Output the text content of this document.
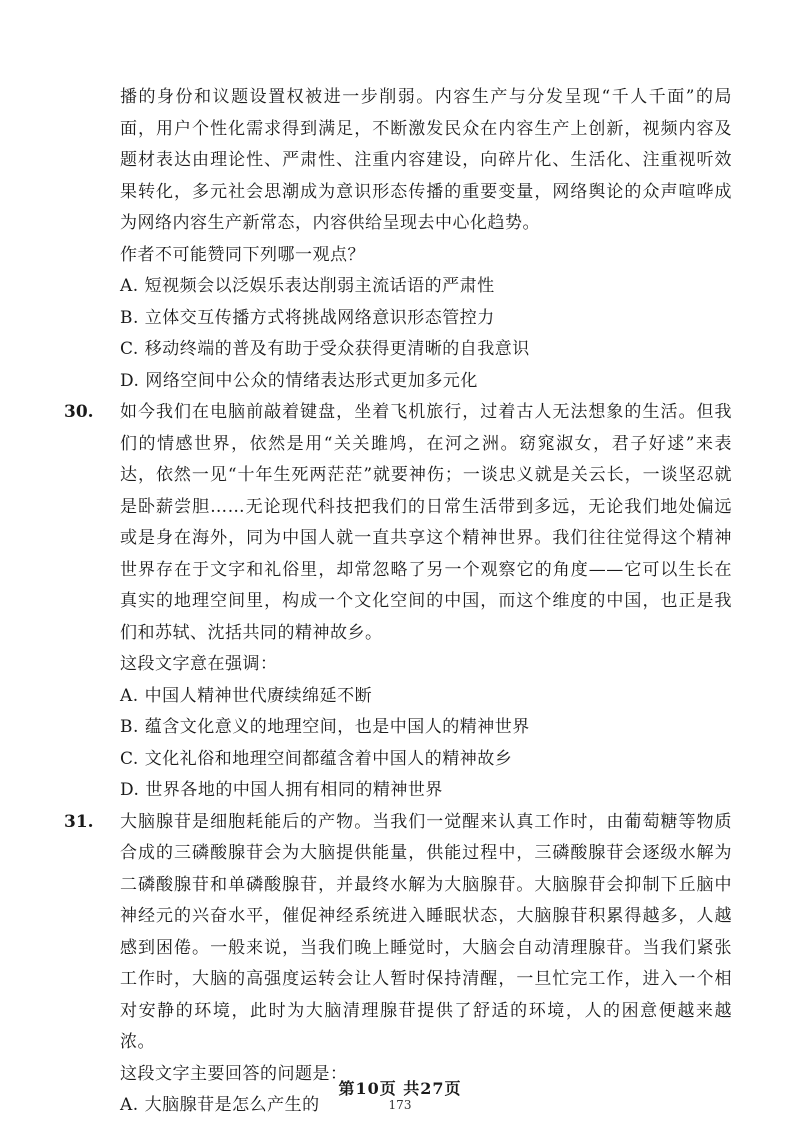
播的身份和议题设置权被进一步削弱。内容生产与分发呈现“千人千面”的局面，用户个性化需求得到满足，不断激发民众在内容生产上创新，视频内容及题材表达由理论性、严肃性、注重内容建设，向碎片化、生活化、注重视听效果转化，多元社会思潮成为意识形态传播的重要变量，网络舆论的众声喧哗成为网络内容生产新常态，内容供给呈现去中心化趋势。

作者不可能赞同下列哪一观点？

A. 短视频会以泛娱乐表达削弱主流话语的严肃性

B. 立体交互传播方式将挑战网络意识形态管控力

C. 移动终端的普及有助于受众获得更清晰的自我意识

D. 网络空间中公众的情绪表达形式更加多元化

30. 如今我们在电脑前敲着键盘，坐着飞机旅行，过着古人无法想象的生活。但我们的情感世界，依然是用“关关雎鸠，在河之洲。窈窕淑女，君子好逑”来表达，依然一见“十年生死两茫茫”就要神伤；一谈忠义就是关云长，一谈坚忍就是卧薪尝胆……无论现代科技把我们的日常生活带到多远，无论我们地处偏远或是身在海外，同为中国人就一直共享这个精神世界。我们往往觉得这个精神世界存在于文字和礼俗里，却常忽略了另一个观察它的角度——它可以生长在真实的地理空间里，构成一个文化空间的中国，而这个维度的中国，也正是我们和苏轼、沈括共同的精神故乡。

这段文字意在强调：

A. 中国人精神世代赓续绵延不断

B. 蕴含文化意义的地理空间，也是中国人的精神世界

C. 文化礼俗和地理空间都蕴含着中国人的精神故乡

D. 世界各地的中国人拥有相同的精神世界

31. 大脑腺苷是细胞耗能后的产物。当我们一觉醒来认真工作时，由葡萄糖等物质合成的三磷酸腺苷会为大脑提供能量，供能过程中，三磷酸腺苷会逐级水解为二磷酸腺苷和单磷酸腺苷，并最终水解为大脑腺苷。大脑腺苷会抑制下丘脑中神经元的兴奋水平，催促神经系统进入睡眠状态，大脑腺苷积累得越多，人越感到困倦。一般来说，当我们晚上睡觉时，大脑会自动清理腺苷。当我们紧张工作时，大脑的高强度运转会让人暂时保持清醒，一旦忙完工作，进入一个相对安静的环境，此时为大脑清理腺苷提供了舒适的环境，人的困意便越来越浓。

这段文字主要回答的问题是：

A. 大脑腺苷是怎么产生的

第10页 共27页
173
